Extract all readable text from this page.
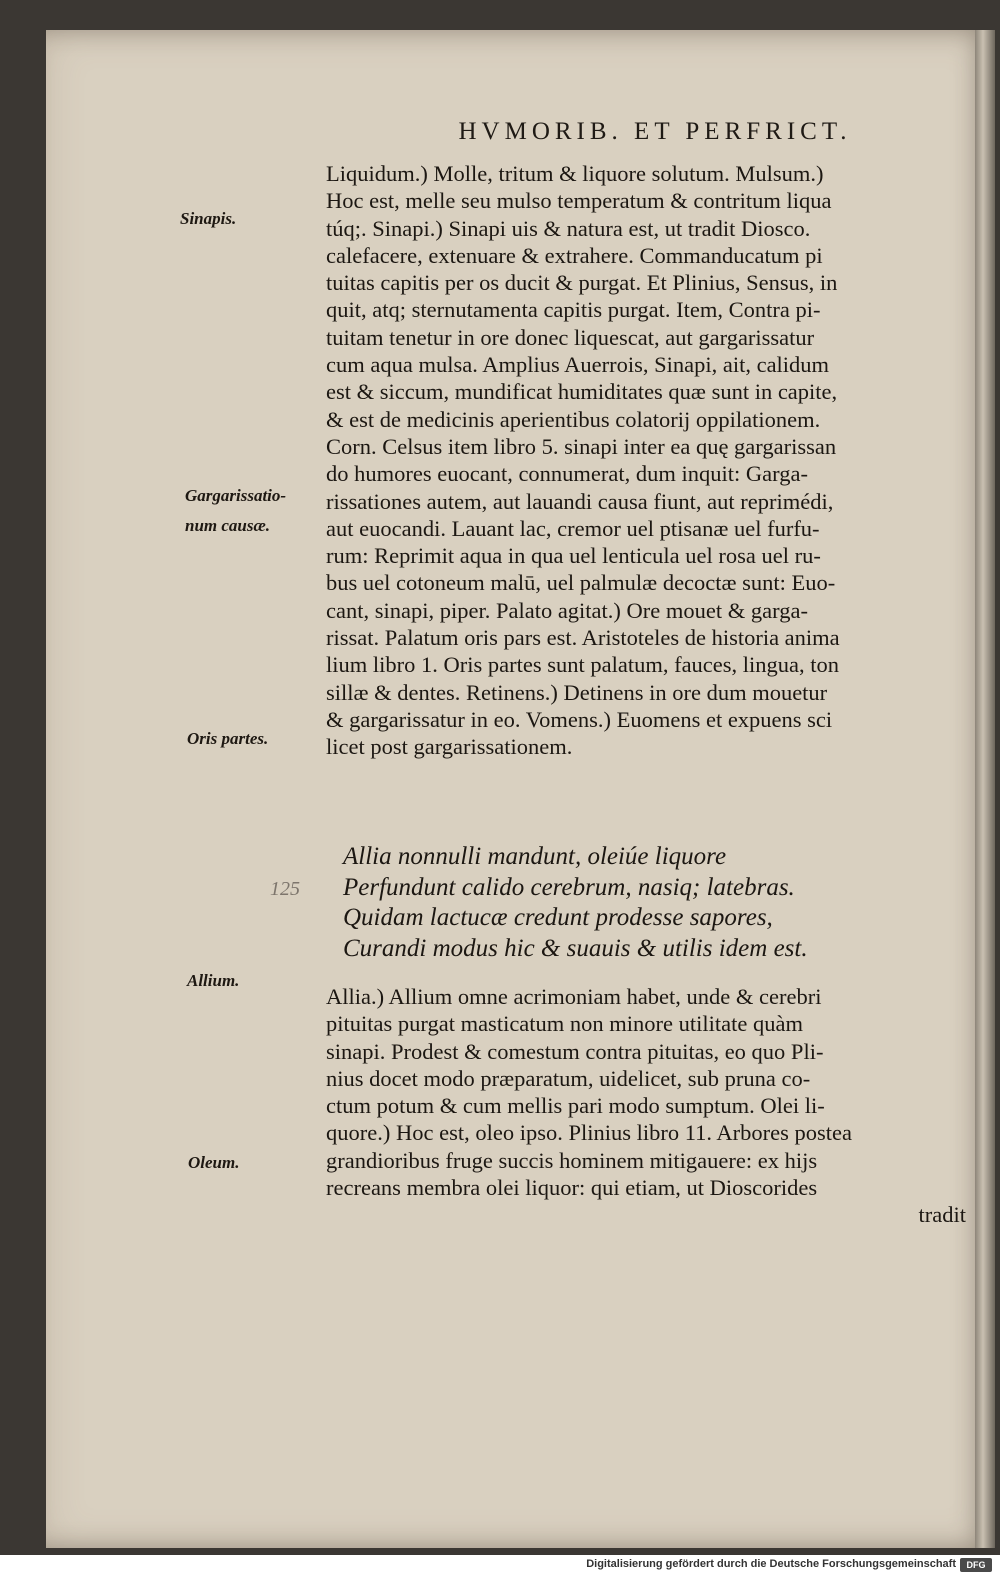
HVMORIB. ET PERFRICT.
Sinapis.
Gargarissatio-
num causæ.
Oris partes.
Allium.
Oleum.
125
Liquidum.) Molle, tritum & liquore solutum. Mulsum.)
Hoc est, melle seu mulso temperatum & contritum liqua
túq;. Sinapi.) Sinapi uis & natura est, ut tradit Diosco.
calefacere, extenuare & extrahere. Commanducatum pi
tuitas capitis per os ducit & purgat. Et Plinius, Sensus, in
quit, atq; sternutamenta capitis purgat. Item, Contra pi-
tuitam tenetur in ore donec liquescat, aut gargarissatur
cum aqua mulsa. Amplius Auerrois, Sinapi, ait, calidum
est & siccum, mundificat humiditates quæ sunt in capite,
& est de medicinis aperientibus colatorij oppilationem.
Corn. Celsus item libro 5. sinapi inter ea quę gargarissan
do humores euocant, connumerat, dum inquit: Garga-
rissationes autem, aut lauandi causa fiunt, aut reprimédi,
aut euocandi. Lauant lac, cremor uel ptisanæ uel furfu-
rum: Reprimit aqua in qua uel lenticula uel rosa uel ru-
bus uel cotoneum malū, uel palmulæ decoctæ sunt: Euo-
cant, sinapi, piper. Palato agitat.) Ore mouet & garga-
rissat. Palatum oris pars est. Aristoteles de historia anima
lium libro 1. Oris partes sunt palatum, fauces, lingua, ton
sillæ & dentes. Retinens.) Detinens in ore dum mouetur
& gargarissatur in eo. Vomens.) Euomens et expuens sci
licet post gargarissationem.
Allia nonnulli mandunt, oleiúe liquore
Perfundunt calido cerebrum, nasiq; latebras.
Quidam lactucæ credunt prodesse sapores,
Curandi modus hic & suauis & utilis idem est.
Allia.) Allium omne acrimoniam habet, unde & cerebri
pituitas purgat masticatum non minore utilitate quàm
sinapi. Prodest & comestum contra pituitas, eo quo Pli-
nius docet modo præparatum, uidelicet, sub pruna co-
ctum potum & cum mellis pari modo sumptum. Olei li-
quore.) Hoc est, oleo ipso. Plinius libro 11. Arbores postea
grandioribus fruge succis hominem mitigauere: ex hijs
recreans membra olei liquor: qui etiam, ut Dioscorides
tradit
Digitalisierung gefördert durch die Deutsche Forschungsgemeinschaft	DFG
